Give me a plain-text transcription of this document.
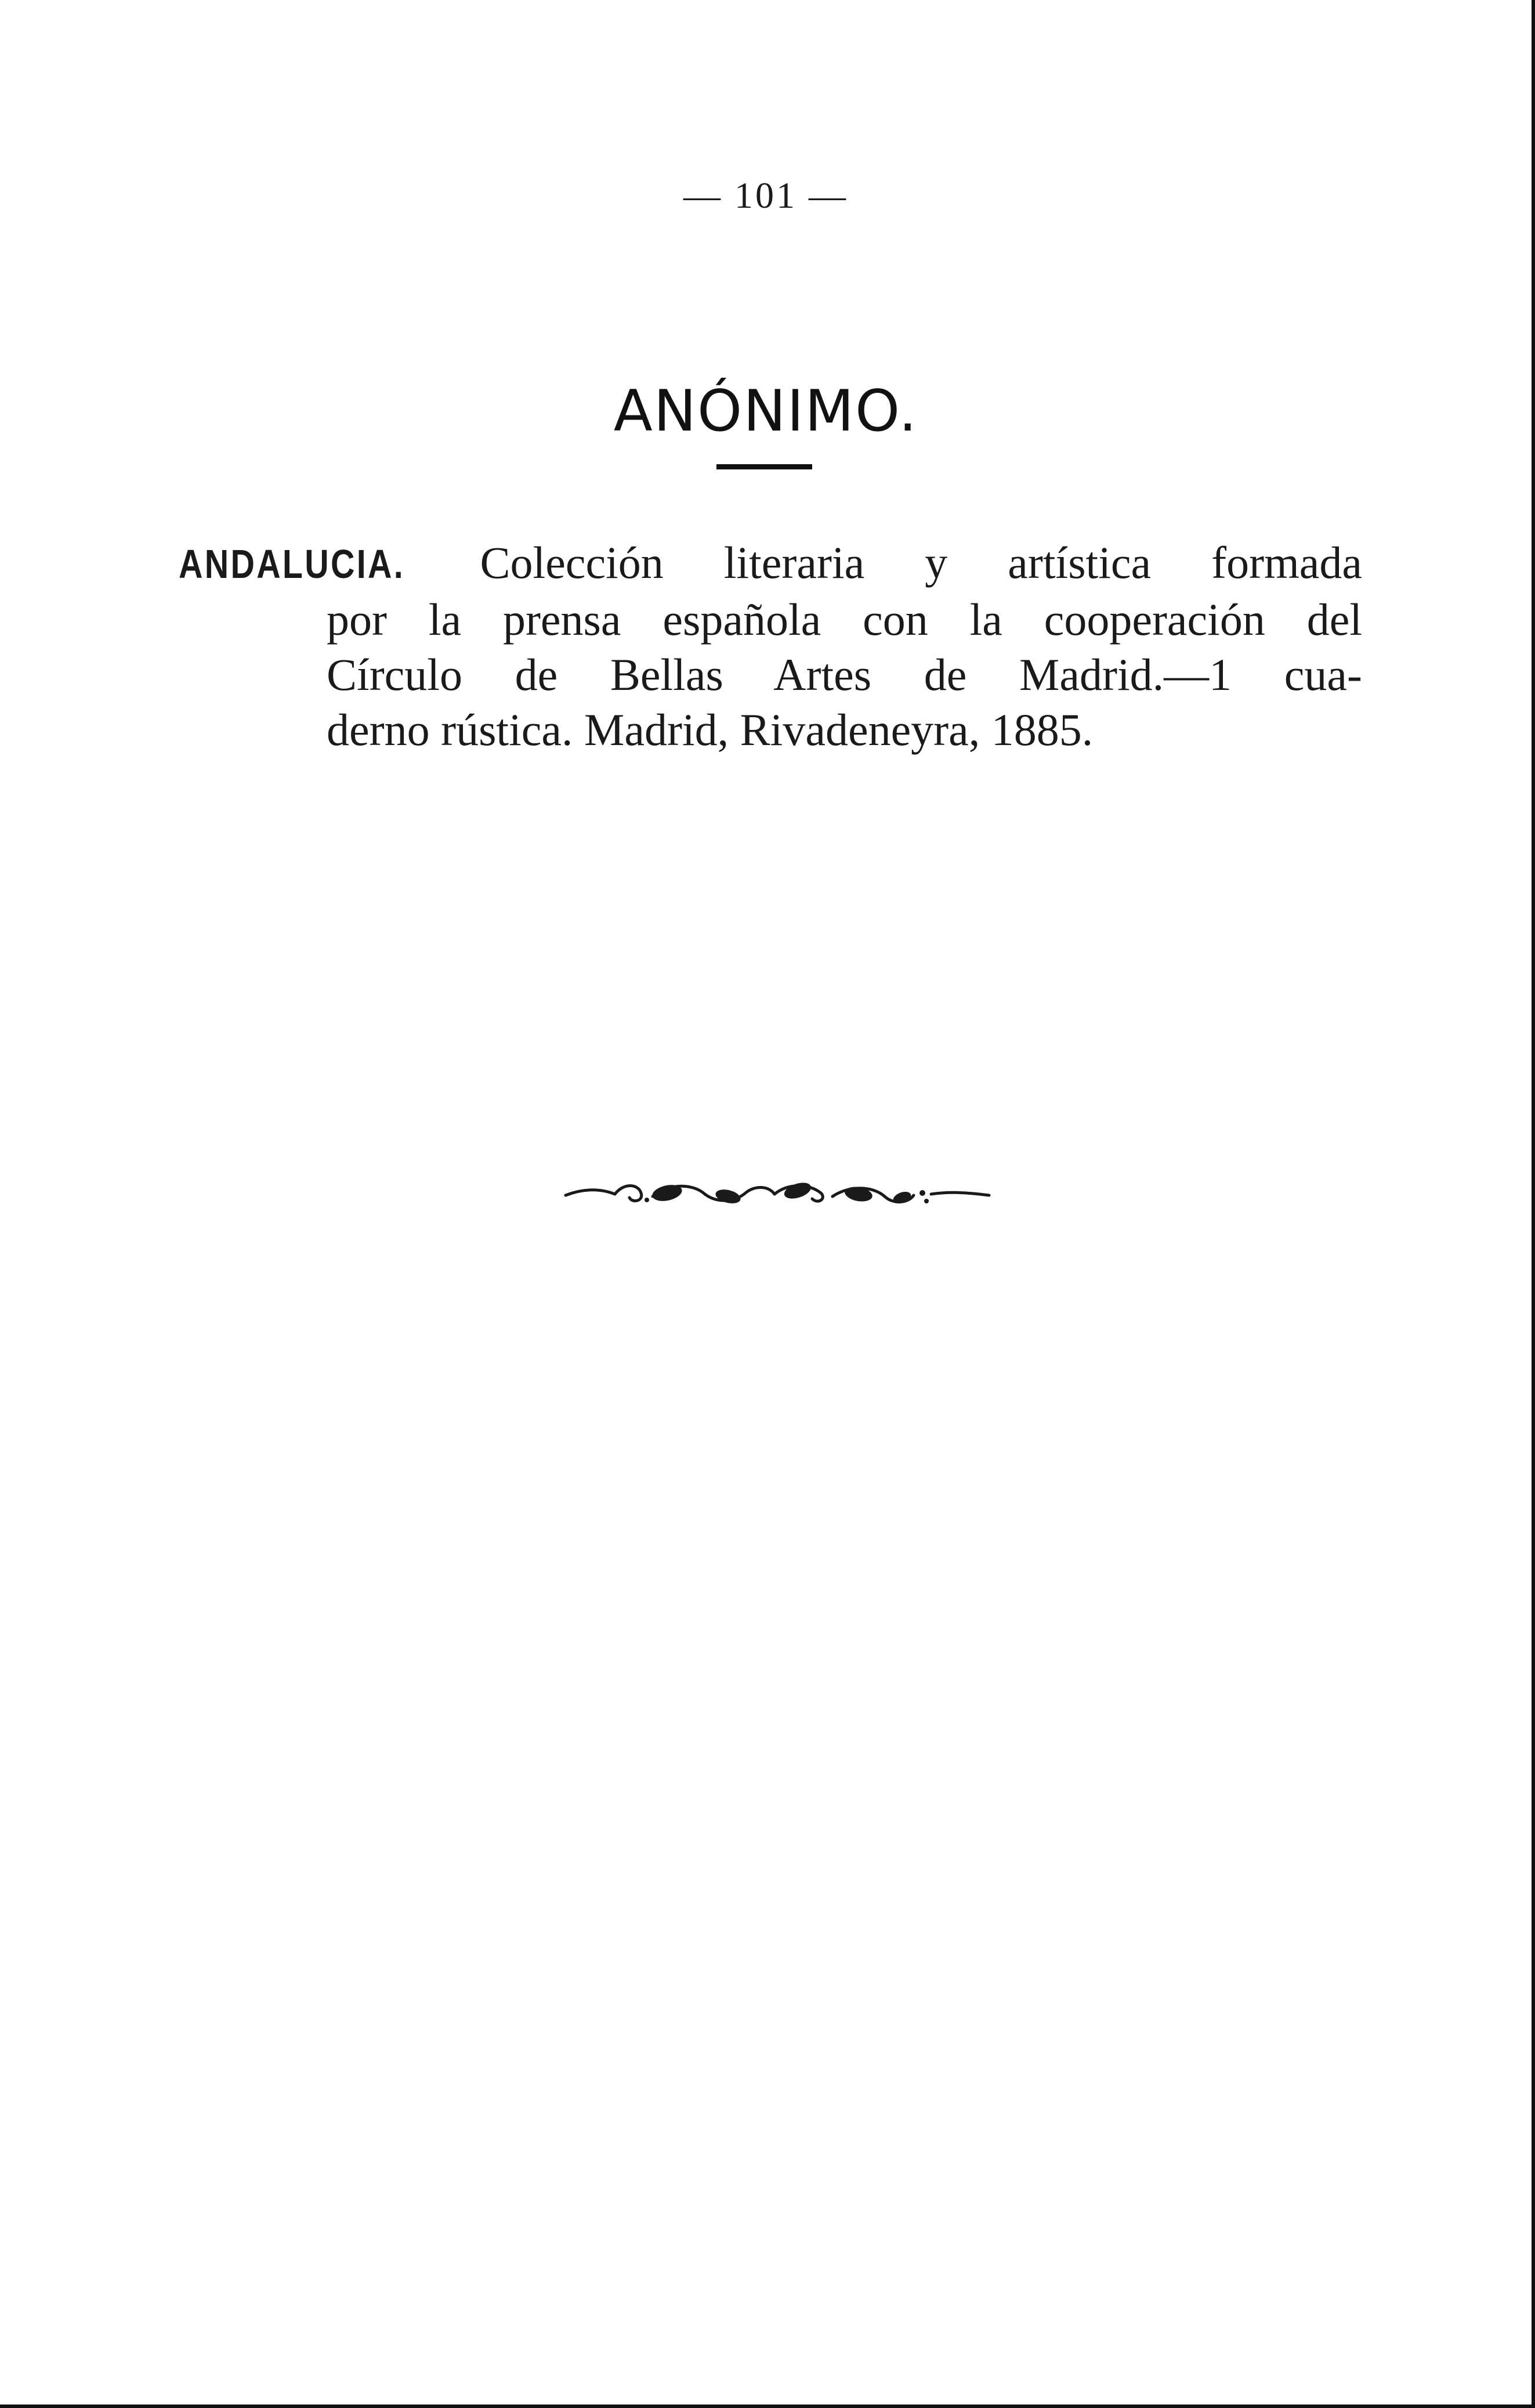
— 101 —
ANÓNIMO.
ANDALUCIA. Colección literaria y artística formada
por la prensa española con la cooperación del
Círculo de Bellas Artes de Madrid.—1 cua-
derno rústica. Madrid, Rivadeneyra, 1885.
